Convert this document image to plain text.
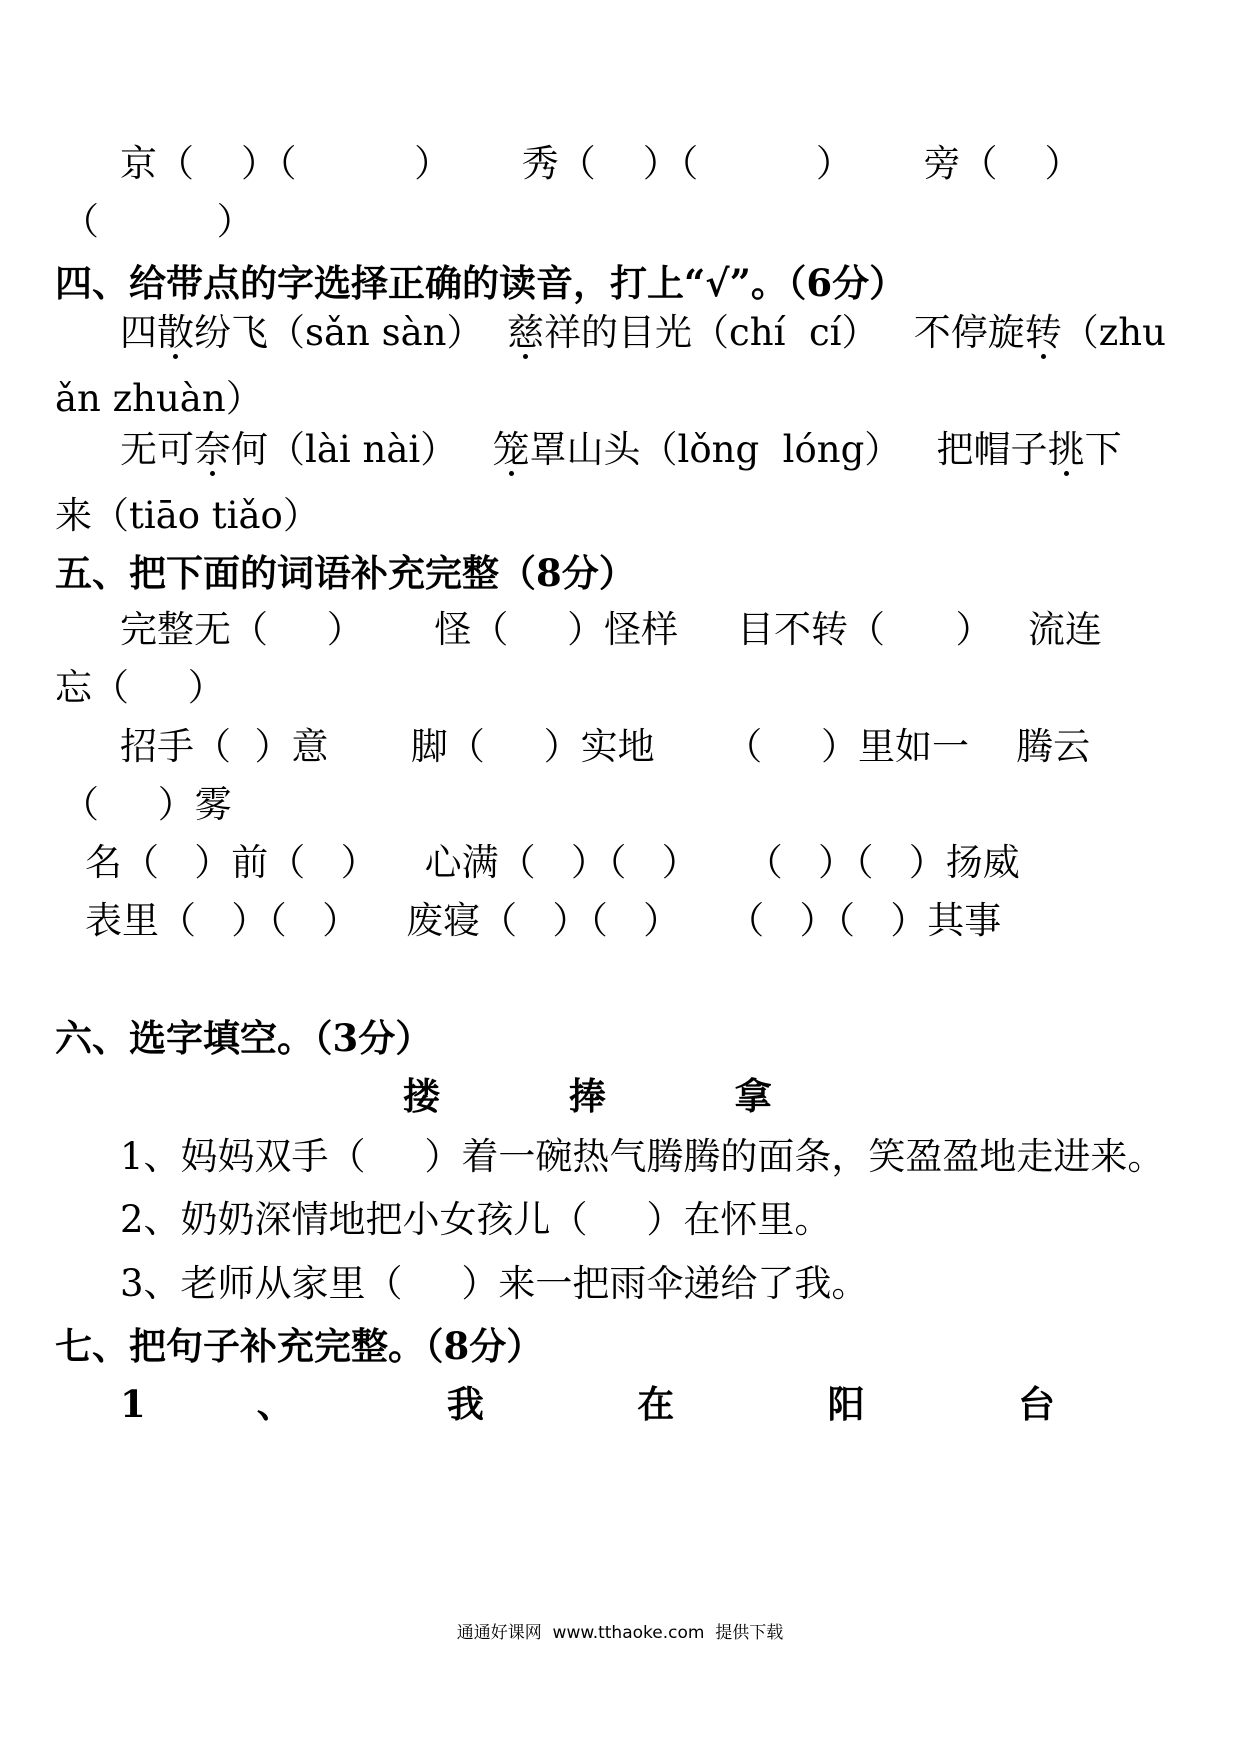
京（    ）（          ）      秀（    ）（          ）      旁（    ）
（          ）
四、给带点的字选择正确的读音，打上“√”。（6分）
四散纷飞（sǎn sàn）  慈祥的目光（chí  cí）   不停旋转（zhu
ǎn zhuàn）
无可奈何（lài nài）   笼罩山头（lǒng  lóng）   把帽子挑下
来（tiāo tiǎo）
五、把下面的词语补充完整（8分）
完整无（     ）      怪（     ）怪样     目不转（      ）   流连
忘（     ）
招手（  ）意       脚（     ）实地      （     ）里如一    腾云
（     ）雾
名（   ）前（   ）    心满（   ）（   ）    （   ）（   ）扬威
表里（   ）（   ）    废寝（   ）（   ）    （   ）（   ）其事
六、选字填空。（3分）
搂          捧          拿
1、妈妈双手（     ）着一碗热气腾腾的面条，笑盈盈地走进来。
2、奶奶深情地把小女孩儿（     ）在怀里。
3、老师从家里（     ）来一把雨伞递给了我。
七、把句子补充完整。（8分）
1  、  我  在  阳  台
通通好课网  www.tthaoke.com  提供下载
